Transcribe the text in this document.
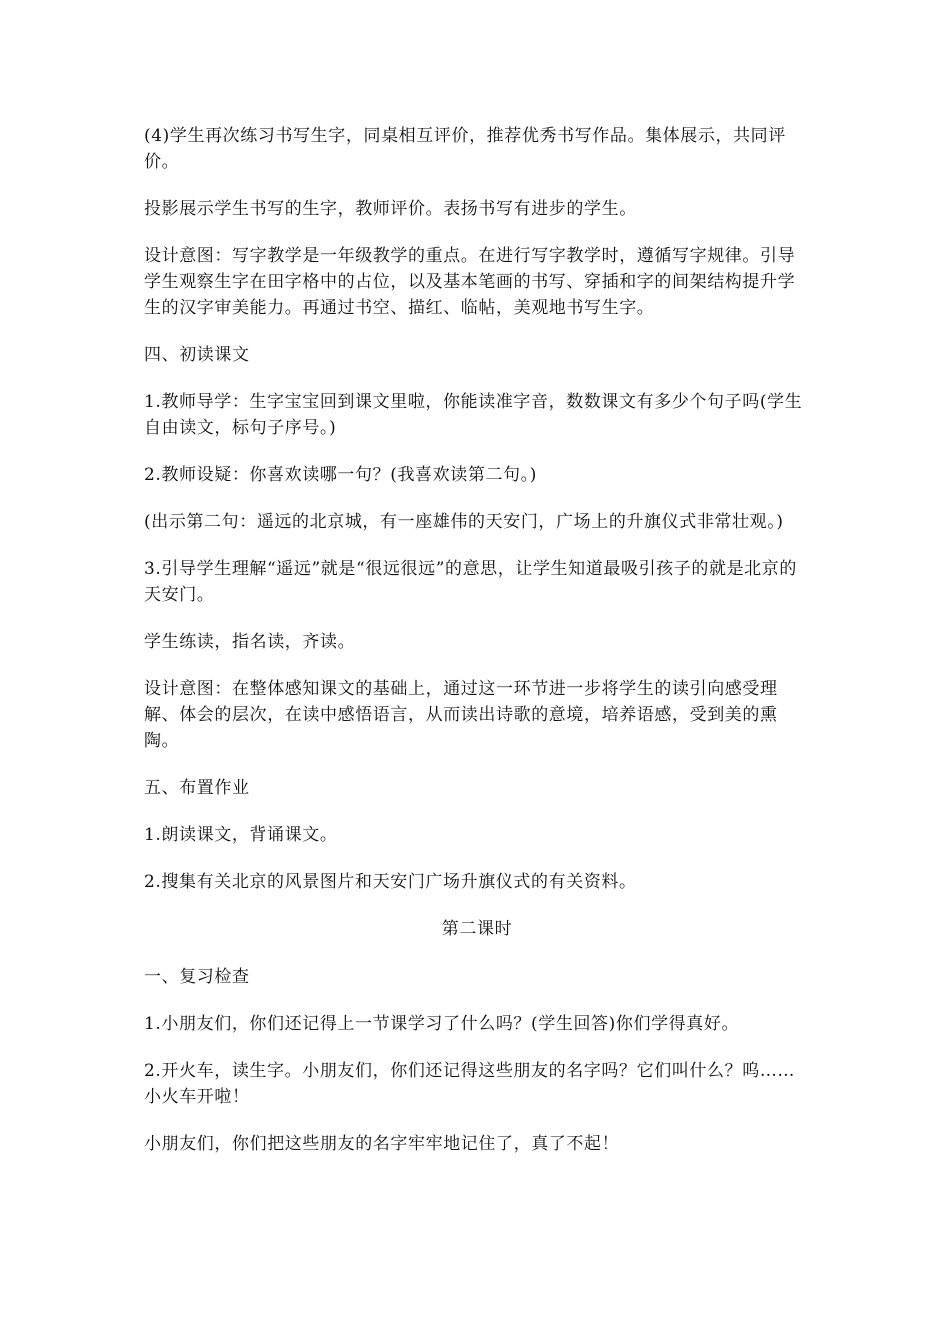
(4)学生再次练习书写生字，同桌相互评价，推荐优秀书写作品。集体展示，共同评价。

投影展示学生书写的生字，教师评价。表扬书写有进步的学生。

设计意图：写字教学是一年级教学的重点。在进行写字教学时，遵循写字规律。引导学生观察生字在田字格中的占位，以及基本笔画的书写、穿插和字的间架结构提升学生的汉字审美能力。再通过书空、描红、临帖，美观地书写生字。

四、初读课文

1.教师导学：生字宝宝回到课文里啦，你能读准字音，数数课文有多少个句子吗(学生自由读文，标句子序号。)

2.教师设疑：你喜欢读哪一句？(我喜欢读第二句。)

(出示第二句：遥远的北京城，有一座雄伟的天安门，广场上的升旗仪式非常壮观。)

3.引导学生理解“遥远”就是“很远很远”的意思，让学生知道最吸引孩子的就是北京的天安门。

学生练读，指名读，齐读。

设计意图：在整体感知课文的基础上，通过这一环节进一步将学生的读引向感受理解、体会的层次，在读中感悟语言，从而读出诗歌的意境，培养语感，受到美的熏陶。

五、布置作业

1.朗读课文，背诵课文。

2.搜集有关北京的风景图片和天安门广场升旗仪式的有关资料。

第二课时

一、复习检查

1.小朋友们，你们还记得上一节课学习了什么吗？(学生回答)你们学得真好。

2.开火车，读生字。小朋友们，你们还记得这些朋友的名字吗？它们叫什么？呜……小火车开啦！

小朋友们，你们把这些朋友的名字牢牢地记住了，真了不起！
